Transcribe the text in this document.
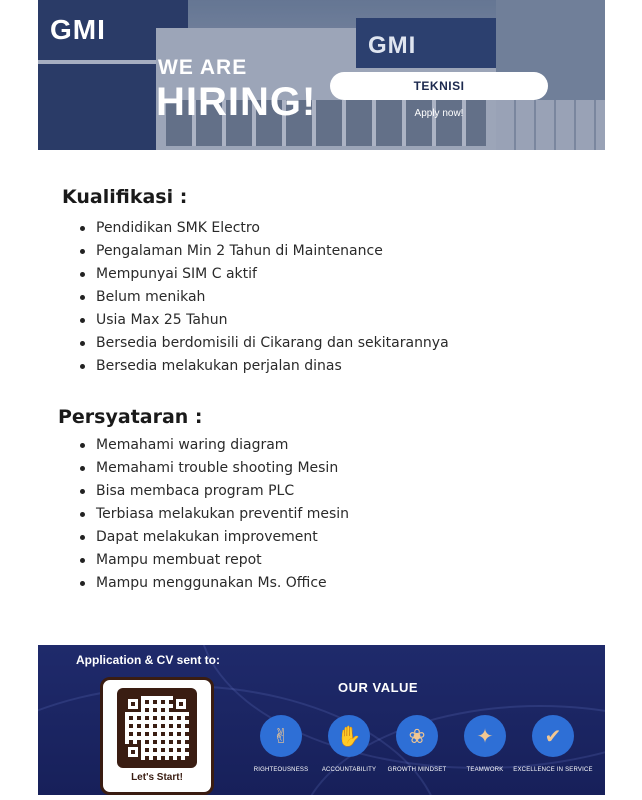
GMI
GMI
WE ARE
HIRING!	TEKNISI
Apply now!
Kualifikasi :
Pendidikan SMK Electro
Pengalaman Min 2 Tahun di Maintenance
Mempunyai SIM C aktif
Belum menikah
Usia Max 25 Tahun
Bersedia berdomisili di Cikarang dan sekitarannya
Bersedia melakukan perjalan dinas
Persyataran :
Memahami waring diagram
Memahami trouble shooting Mesin
Bisa membaca program PLC
Terbiasa melakukan preventif mesin
Dapat melakukan improvement
Mampu membuat repot
Mampu menggunakan Ms. Office
Application & CV sent to:
Let's Start!
OUR VALUE
✌
RIGHTEOUSNESS
✋
ACCOUNTABILITY
❀
GROWTH MINDSET
✦
TEAMWORK
✔
EXCELLENCE IN SERVICE
